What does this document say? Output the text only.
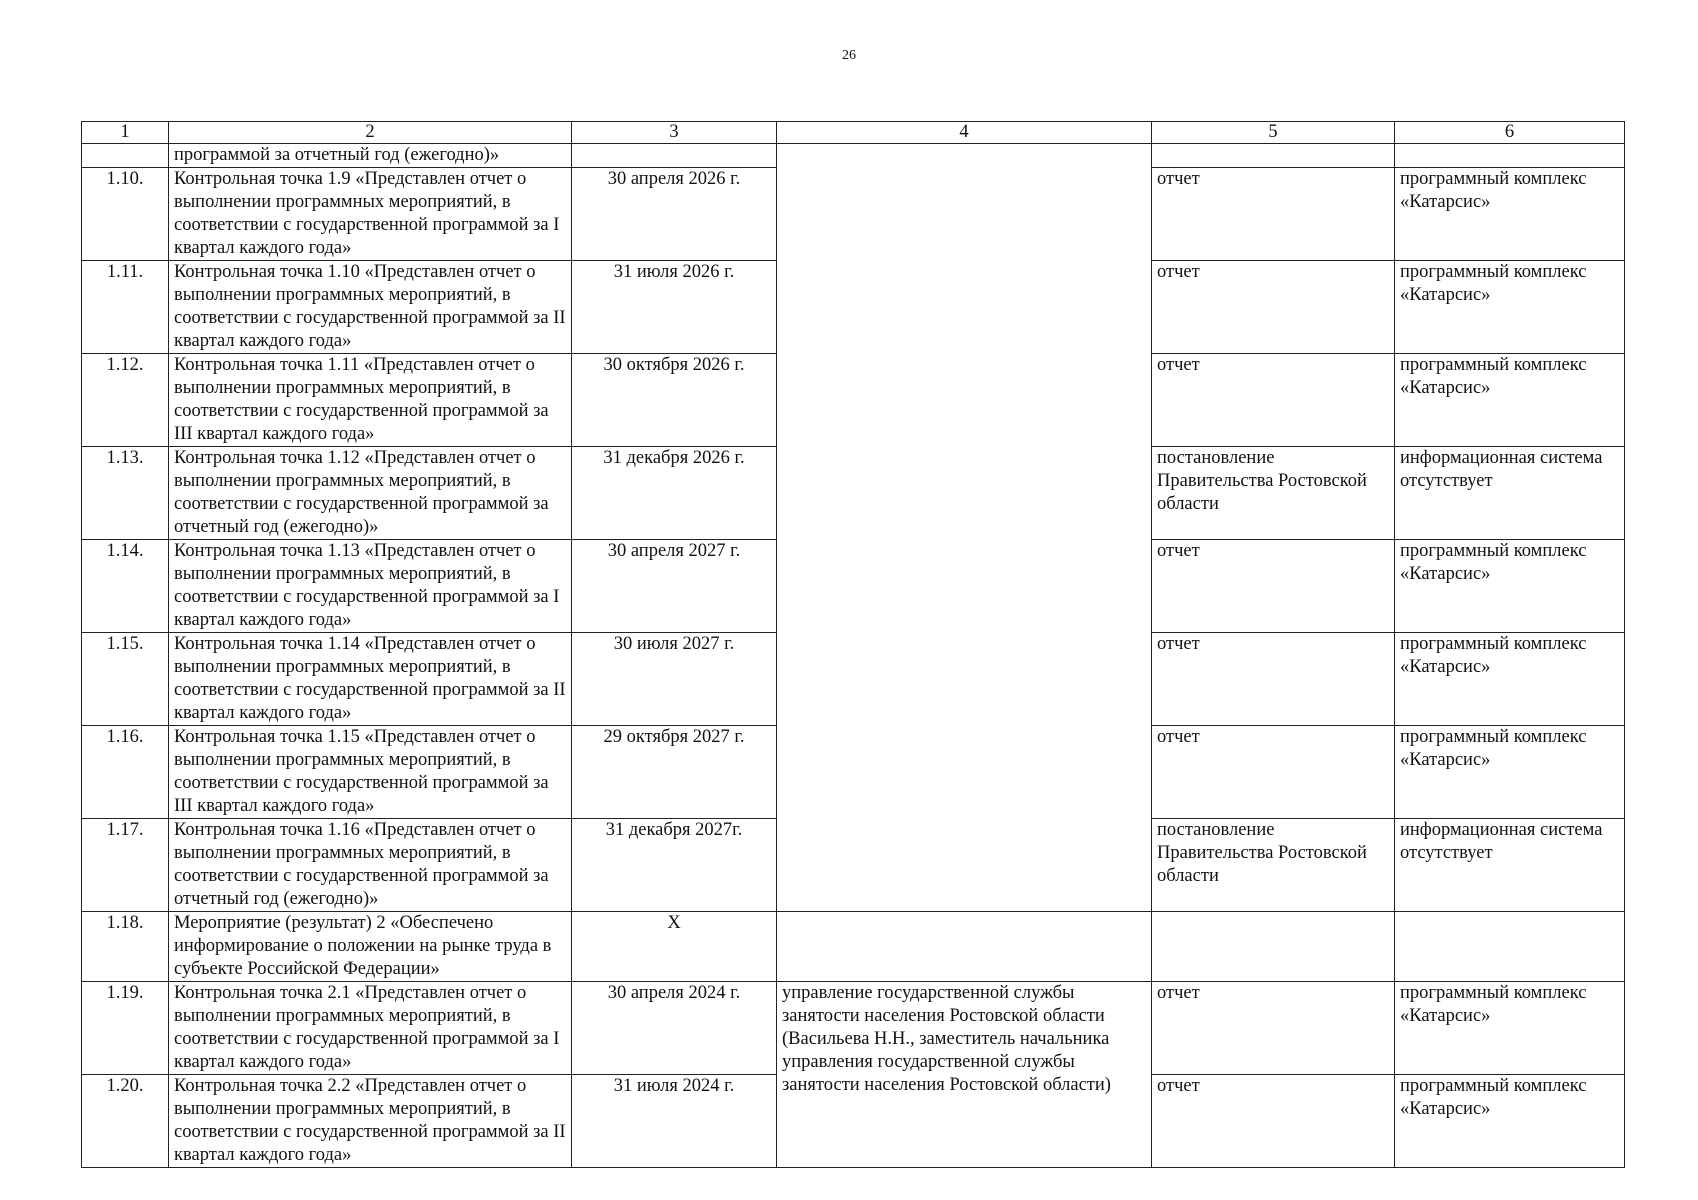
26
1	2	3	4	5	6
	программой за отчетный год (ежегодно)»				
1.10.	Контрольная точка 1.9 «Представлен отчет о выполнении программных мероприятий, в соответствии с государственной программой за I квартал каждого года»	30 апреля 2026 г.		отчет	программный комплекс «Катарсис»
1.11.	Контрольная точка 1.10 «Представлен отчет о выполнении программных мероприятий, в соответствии с государственной программой за II квартал каждого года»	31 июля 2026 г.		отчет	программный комплекс «Катарсис»
1.12.	Контрольная точка 1.11 «Представлен отчет о выполнении программных мероприятий, в соответствии с государственной программой за III квартал каждого года»	30 октября 2026 г.		отчет	программный комплекс «Катарсис»
1.13.	Контрольная точка 1.12 «Представлен отчет о выполнении программных мероприятий, в соответствии с государственной программой за отчетный год (ежегодно)»	31 декабря 2026 г.		постановление Правительства Ростовской области	информационная система отсутствует
1.14.	Контрольная точка 1.13 «Представлен отчет о выполнении программных мероприятий, в соответствии с государственной программой за I квартал каждого года»	30 апреля 2027 г.		отчет	программный комплекс «Катарсис»
1.15.	Контрольная точка 1.14 «Представлен отчет о выполнении программных мероприятий, в соответствии с государственной программой за II квартал каждого года»	30 июля 2027 г.		отчет	программный комплекс «Катарсис»
1.16.	Контрольная точка 1.15 «Представлен отчет о выполнении программных мероприятий, в соответствии с государственной программой за III квартал каждого года»	29 октября 2027 г.		отчет	программный комплекс «Катарсис»
1.17.	Контрольная точка 1.16 «Представлен отчет о выполнении программных мероприятий, в соответствии с государственной программой за отчетный год (ежегодно)»	31 декабря 2027г.		постановление Правительства Ростовской области	информационная система отсутствует
1.18.	Мероприятие (результат) 2 «Обеспечено информирование о положении на рынке труда в субъекте Российской Федерации»	X			
1.19.	Контрольная точка 2.1 «Представлен отчет о выполнении программных мероприятий, в соответствии с государственной программой за I квартал каждого года»	30 апреля 2024 г.	управление государственной службы занятости населения Ростовской области (Васильева Н.Н., заместитель начальника управления государственной службы занятости населения Ростовской области)	отчет	программный комплекс «Катарсис»
1.20.	Контрольная точка 2.2 «Представлен отчет о выполнении программных мероприятий, в соответствии с государственной программой за II квартал каждого года»	31 июля 2024 г.		отчет	программный комплекс «Катарсис»
